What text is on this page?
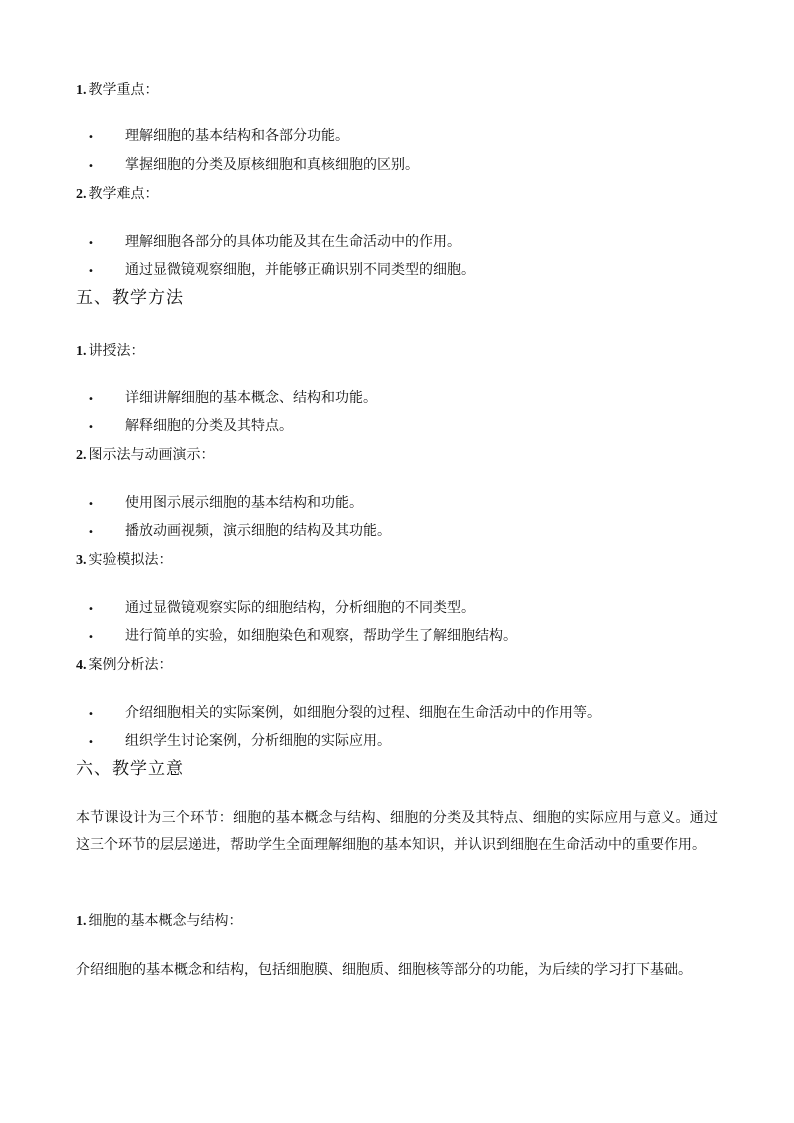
1. 教学重点：
• 理解细胞的基本结构和各部分功能。
• 掌握细胞的分类及原核细胞和真核细胞的区别。
2. 教学难点：
• 理解细胞各部分的具体功能及其在生命活动中的作用。
• 通过显微镜观察细胞，并能够正确识别不同类型的细胞。
五、教学方法
1. 讲授法：
• 详细讲解细胞的基本概念、结构和功能。
• 解释细胞的分类及其特点。
2. 图示法与动画演示：
• 使用图示展示细胞的基本结构和功能。
• 播放动画视频，演示细胞的结构及其功能。
3. 实验模拟法：
• 通过显微镜观察实际的细胞结构，分析细胞的不同类型。
• 进行简单的实验，如细胞染色和观察，帮助学生了解细胞结构。
4. 案例分析法：
• 介绍细胞相关的实际案例，如细胞分裂的过程、细胞在生命活动中的作用等。
• 组织学生讨论案例，分析细胞的实际应用。
六、教学立意
本节课设计为三个环节：细胞的基本概念与结构、细胞的分类及其特点、细胞的实际应用与意义。通过这三个环节的层层递进，帮助学生全面理解细胞的基本知识，并认识到细胞在生命活动中的重要作用。
1. 细胞的基本概念与结构：
介绍细胞的基本概念和结构，包括细胞膜、细胞质、细胞核等部分的功能，为后续的学习打下基础。
